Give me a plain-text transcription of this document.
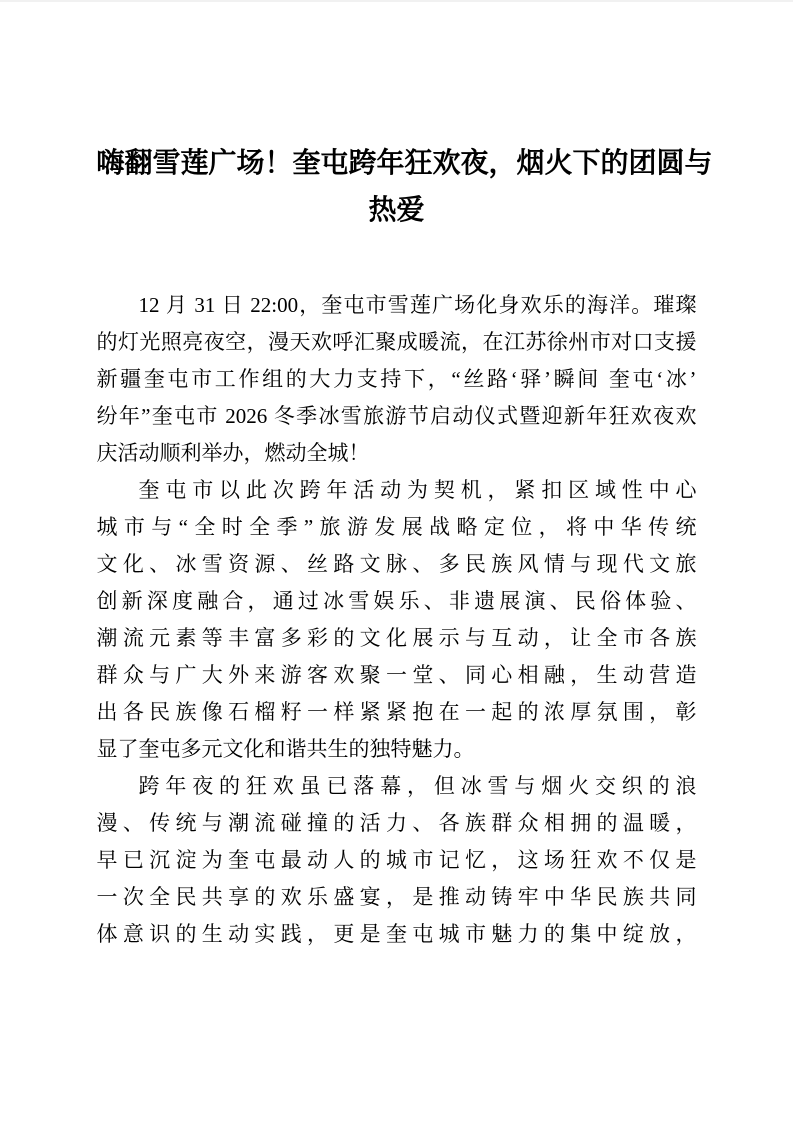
嗨翻雪莲广场！奎屯跨年狂欢夜，烟火下的团圆与
热爱
12 月 31 日 22:00，奎屯市雪莲广场化身欢乐的海洋。璀璨
的灯光照亮夜空，漫天欢呼汇聚成暖流，在江苏徐州市对口支援
新疆奎屯市工作组的大力支持下，“丝路‘驿’瞬间 奎屯‘冰’
纷年”奎屯市 2026 冬季冰雪旅游节启动仪式暨迎新年狂欢夜欢
庆活动顺利举办，燃动全城！
奎屯市以此次跨年活动为契机，紧扣区域性中心
城市与“全时全季”旅游发展战略定位，将中华传统
文化、冰雪资源、丝路文脉、多民族风情与现代文旅
创新深度融合，通过冰雪娱乐、非遗展演、民俗体验、
潮流元素等丰富多彩的文化展示与互动，让全市各族
群众与广大外来游客欢聚一堂、同心相融，生动营造
出各民族像石榴籽一样紧紧抱在一起的浓厚氛围，彰
显了奎屯多元文化和谐共生的独特魅力。
跨年夜的狂欢虽已落幕，但冰雪与烟火交织的浪
漫、传统与潮流碰撞的活力、各族群众相拥的温暖，
早已沉淀为奎屯最动人的城市记忆，这场狂欢不仅是
一次全民共享的欢乐盛宴，是推动铸牢中华民族共同
体意识的生动实践，更是奎屯城市魅力的集中绽放，
